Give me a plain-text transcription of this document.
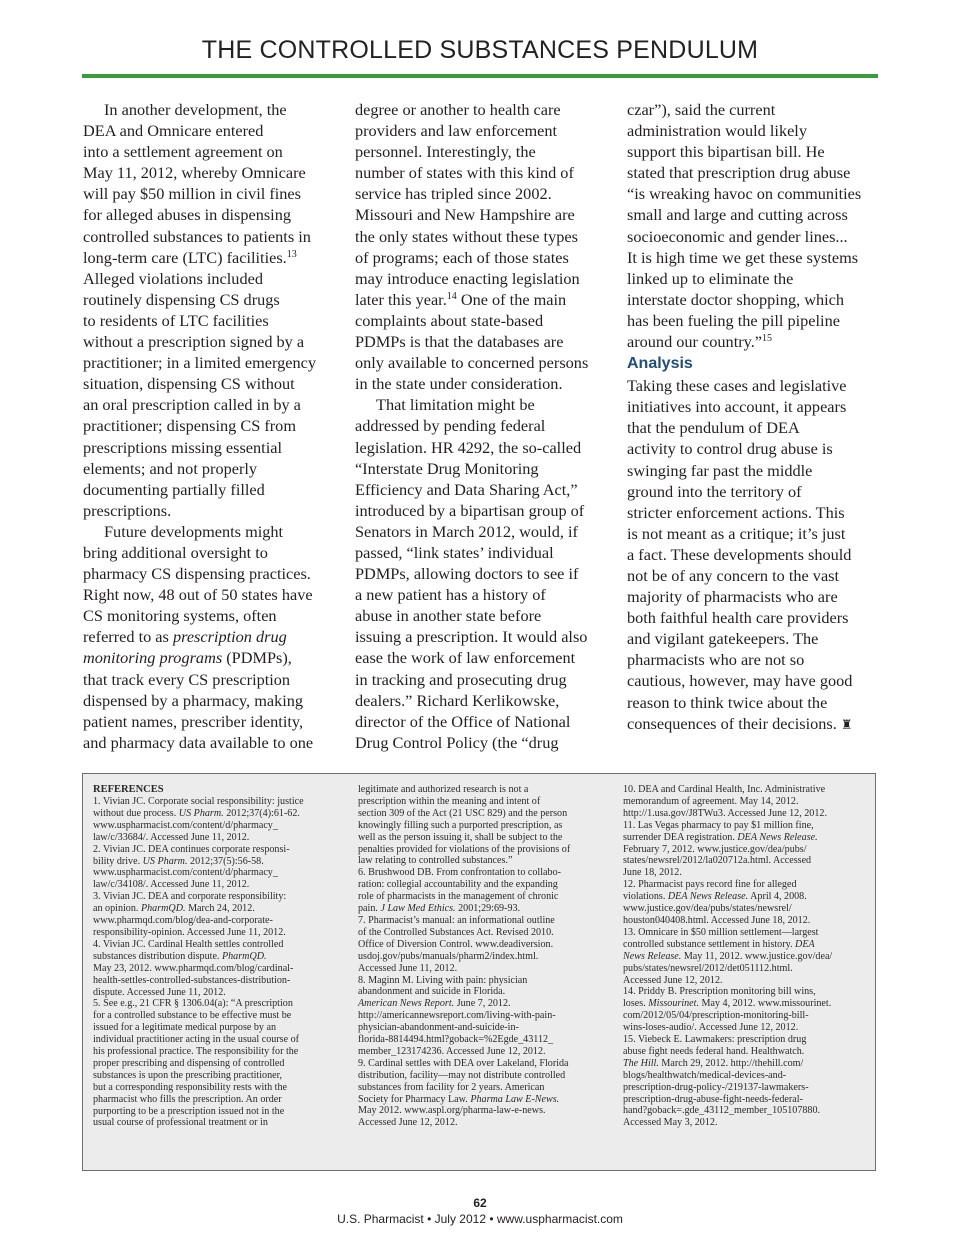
THE CONTROLLED SUBSTANCES PENDULUM
In another development, the
DEA and Omnicare entered
into a settlement agreement on
May 11, 2012, whereby Omnicare
will pay $50 million in civil fines
for alleged abuses in dispensing
controlled substances to patients in
long-term care (LTC) facilities.$^{13}$
Alleged violations included
routinely dispensing CS drugs
to residents of LTC facilities
without a prescription signed by a
practitioner; in a limited emergency
situation, dispensing CS without
an oral prescription called in by a
practitioner; dispensing CS from
prescriptions missing essential
elements; and not properly
documenting partially filled
prescriptions.
Future developments might
bring additional oversight to
pharmacy CS dispensing practices.
Right now, 48 out of 50 states have
CS monitoring systems, often
referred to as prescription drug
monitoring programs (PDMPs),
that track every CS prescription
dispensed by a pharmacy, making
patient names, prescriber identity,
and pharmacy data available to one
degree or another to health care
providers and law enforcement
personnel. Interestingly, the
number of states with this kind of
service has tripled since 2002.
Missouri and New Hampshire are
the only states without these types
of programs; each of those states
may introduce enacting legislation
later this year.$^{14}$ One of the main
complaints about state-based
PDMPs is that the databases are
only available to concerned persons
in the state under consideration.
That limitation might be
addressed by pending federal
legislation. HR 4292, the so-called
“Interstate Drug Monitoring
Efficiency and Data Sharing Act,”
introduced by a bipartisan group of
Senators in March 2012, would, if
passed, “link states’ individual
PDMPs, allowing doctors to see if
a new patient has a history of
abuse in another state before
issuing a prescription. It would also
ease the work of law enforcement
in tracking and prosecuting drug
dealers.” Richard Kerlikowske,
director of the Office of National
Drug Control Policy (the “drug
czar”), said the current
administration would likely
support this bipartisan bill. He
stated that prescription drug abuse
“is wreaking havoc on communities
small and large and cutting across
socioeconomic and gender lines...
It is high time we get these systems
linked up to eliminate the
interstate doctor shopping, which
has been fueling the pill pipeline
around our country.”$^{15}$
Analysis
Taking these cases and legislative
initiatives into account, it appears
that the pendulum of DEA
activity to control drug abuse is
swinging far past the middle
ground into the territory of
stricter enforcement actions. This
is not meant as a critique; it’s just
a fact. These developments should
not be of any concern to the vast
majority of pharmacists who are
both faithful health care providers
and vigilant gatekeepers. The
pharmacists who are not so
cautious, however, may have good
reason to think twice about the
consequences of their decisions. ♜
REFERENCES
1. Vivian JC. Corporate social responsibility: justice
without due process. US Pharm. 2012;37(4):61-62.
www.uspharmacist.com/content/d/pharmacy_
law/c/33684/. Accessed June 11, 2012.
2. Vivian JC. DEA continues corporate responsi-
bility drive. US Pharm. 2012;37(5):56-58.
www.uspharmacist.com/content/d/pharmacy_
law/c/34108/. Accessed June 11, 2012.
3. Vivian JC. DEA and corporate responsibility:
an opinion. PharmQD. March 24, 2012.
www.pharmqd.com/blog/dea-and-corporate-
responsibility-opinion. Accessed June 11, 2012.
4. Vivian JC. Cardinal Health settles controlled
substances distribution dispute. PharmQD.
May 23, 2012. www.pharmqd.com/blog/cardinal-
health-settles-controlled-substances-distribution-
dispute. Accessed June 11, 2012.
5. See e.g., 21 CFR § 1306.04(a): “A prescription
for a controlled substance to be effective must be
issued for a legitimate medical purpose by an
individual practitioner acting in the usual course of
his professional practice. The responsibility for the
proper prescribing and dispensing of controlled
substances is upon the prescribing practitioner,
but a corresponding responsibility rests with the
pharmacist who fills the prescription. An order
purporting to be a prescription issued not in the
usual course of professional treatment or in
legitimate and authorized research is not a
prescription within the meaning and intent of
section 309 of the Act (21 USC 829) and the person
knowingly filling such a purported prescription, as
well as the person issuing it, shall be subject to the
penalties provided for violations of the provisions of
law relating to controlled substances.”
6. Brushwood DB. From confrontation to collabo-
ration: collegial accountability and the expanding
role of pharmacists in the management of chronic
pain. J Law Med Ethics. 2001;29:69-93.
7. Pharmacist’s manual: an informational outline
of the Controlled Substances Act. Revised 2010.
Office of Diversion Control. www.deadiversion.
usdoj.gov/pubs/manuals/pharm2/index.html.
Accessed June 11, 2012.
8. Maginn M. Living with pain: physician
abandonment and suicide in Florida.
American News Report. June 7, 2012.
http://americannewsreport.com/living-with-pain-
physician-abandonment-and-suicide-in-
florida-8814494.html?goback=%2Egde_43112_
member_123174236. Accessed June 12, 2012.
9. Cardinal settles with DEA over Lakeland, Florida
distribution, facility—may not distribute controlled
substances from facility for 2 years. American
Society for Pharmacy Law. Pharma Law E-News.
May 2012. www.aspl.org/pharma-law-e-news.
Accessed June 12, 2012.
10. DEA and Cardinal Health, Inc. Administrative
memorandum of agreement. May 14, 2012.
http://1.usa.gov/J8TWu3. Accessed June 12, 2012.
11. Las Vegas pharmacy to pay $1 million fine,
surrender DEA registration. DEA News Release.
February 7, 2012. www.justice.gov/dea/pubs/
states/newsrel/2012/la020712a.html. Accessed
June 18, 2012.
12. Pharmacist pays record fine for alleged
violations. DEA News Release. April 4, 2008.
www.justice.gov/dea/pubs/states/newsrel/
houston040408.html. Accessed June 18, 2012.
13. Omnicare in $50 million settlement—largest
controlled substance settlement in history. DEA
News Release. May 11, 2012. www.justice.gov/dea/
pubs/states/newsrel/2012/det051112.html.
Accessed June 12, 2012.
14. Priddy B. Prescription monitoring bill wins,
loses. Missourinet. May 4, 2012. www.missourinet.
com/2012/05/04/prescription-monitoring-bill-
wins-loses-audio/. Accessed June 12, 2012.
15. Viebeck E. Lawmakers: prescription drug
abuse fight needs federal hand. Healthwatch.
The Hill. March 29, 2012. http://thehill.com/
blogs/healthwatch/medical-devices-and-
prescription-drug-policy-/219137-lawmakers-
prescription-drug-abuse-fight-needs-federal-
hand?goback=.gde_43112_member_105107880.
Accessed May 3, 2012.
62
U.S. Pharmacist • July 2012 • www.uspharmacist.com
